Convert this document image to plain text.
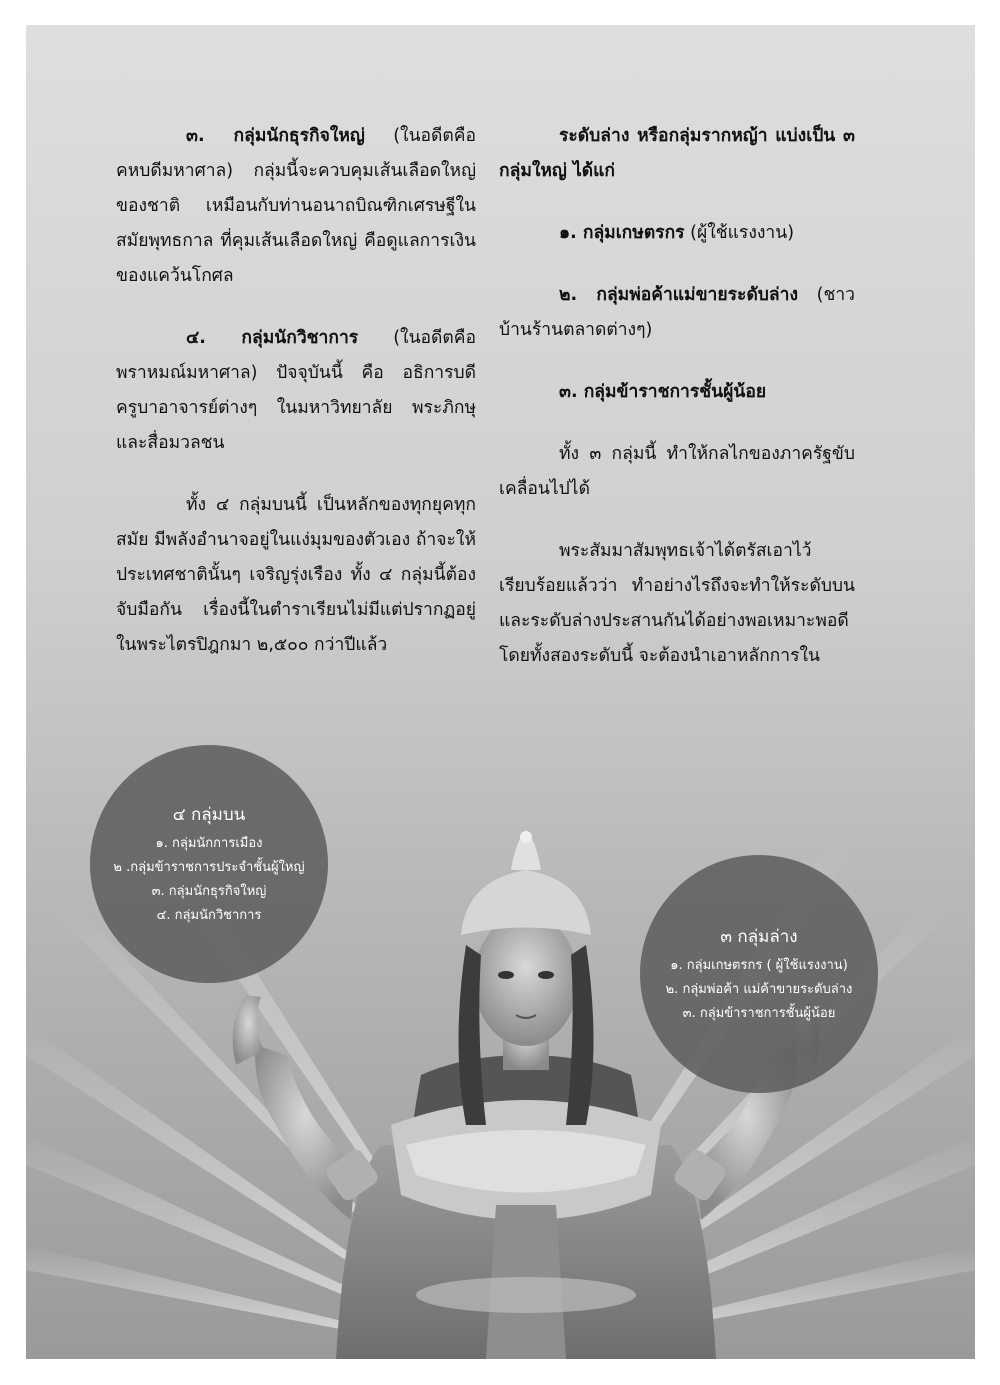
๓. กลุ่มนักธุรกิจใหญ่ (ในอดีตคือคหบดีมหาศาล) กลุ่มนี้จะควบคุมเส้นเลือดใหญ่ของชาติ เหมือนกับท่านอนาถบิณฑิกเศรษฐีในสมัยพุทธกาล ที่คุมเส้นเลือดใหญ่ คือดูแลการเงินของแคว้นโกศล

๔. กลุ่มนักวิชาการ (ในอดีตคือพราหมณ์มหาศาล) ปัจจุบันนี้ คือ อธิการบดี ครูบาอาจารย์ต่างๆ ในมหาวิทยาลัย พระภิกษุ และสื่อมวลชน

ทั้ง ๔ กลุ่มบนนี้ เป็นหลักของทุกยุคทุกสมัย มีพลังอำนาจอยู่ในแง่มุมของตัวเอง ถ้าจะให้ประเทศชาตินั้นๆ เจริญรุ่งเรือง ทั้ง ๔ กลุ่มนี้ต้องจับมือกัน เรื่องนี้ในตำราเรียนไม่มีแต่ปรากฏอยู่ในพระไตรปิฎกมา ๒,๕๐๐ กว่าปีแล้ว

ระดับล่าง หรือกลุ่มรากหญ้า แบ่งเป็น ๓ กลุ่มใหญ่ ได้แก่

๑. กลุ่มเกษตรกร (ผู้ใช้แรงงาน)

๒. กลุ่มพ่อค้าแม่ขายระดับล่าง (ชาวบ้านร้านตลาดต่างๆ)

๓. กลุ่มข้าราชการชั้นผู้น้อย

ทั้ง ๓ กลุ่มนี้ ทำให้กลไกของภาครัฐขับเคลื่อนไปได้

พระสัมมาสัมพุทธเจ้าได้ตรัสเอาไว้เรียบร้อยแล้วว่า ทำอย่างไรถึงจะทำให้ระดับบนและระดับล่างประสานกันได้อย่างพอเหมาะพอดี โดยทั้งสองระดับนี้ จะต้องนำเอาหลักการใน

๔ กลุ่มบน
๑. กลุ่มนักการเมือง
๒ .กลุ่มข้าราชการประจำชั้นผู้ใหญ่
๓. กลุ่มนักธุรกิจใหญ่
๔. กลุ่มนักวิชาการ
๓ กลุ่มล่าง
๑. กลุ่มเกษตรกร ( ผู้ใช้แรงงาน)
๒. กลุ่มพ่อค้า แม่ค้าขายระดับล่าง
๓. กลุ่มข้าราชการชั้นผู้น้อย
